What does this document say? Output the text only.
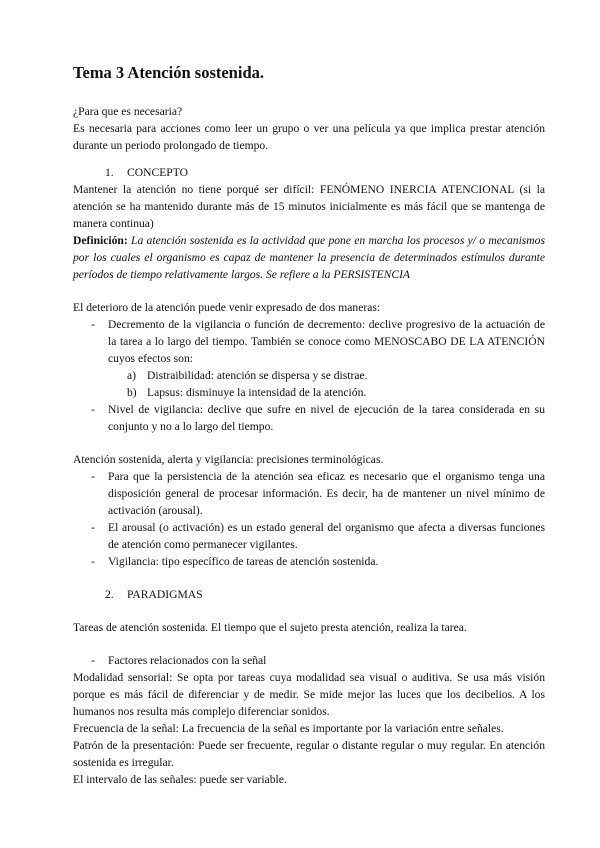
Tema 3 Atención sostenida.

¿Para que es necesaria?

Es necesaria para acciones como leer un grupo o ver una película ya que implica prestar atención durante un periodo prolongado de tiempo.

1.	CONCEPTO

Mantener la atención no tiene porqué ser difícil: FENÓMENO INERCIA ATENCIONAL (si la atención se ha mantenido durante más de 15 minutos inicialmente es más fácil que se mantenga de manera continua)

Definición: La atención sostenida es la actividad que pone en marcha los procesos y/ o mecanismos por los cuales el organismo es capaz de mantener la presencia de determinados estímulos durante períodos de tiempo relativamente largos. Se refiere a la PERSISTENCIA

El deterioro de la atención puede venir expresado de dos maneras:

-	Decremento de la vigilancia o función de decremento: declive progresivo de la actuación de la tarea a lo largo del tiempo. También se conoce como MENOSCABO DE LA ATENCIÓN cuyos efectos son:
a) Distraibilidad: atención se dispersa y se distrae.
b) Lapsus: disminuye la intensidad de la atención.
-	Nivel de vigilancia: declive que sufre en nivel de ejecución de la tarea considerada en su conjunto y no a lo largo del tiempo.

Atención sostenida, alerta y vigilancia: precisiones terminológicas.

-	Para que la persistencia de la atención sea eficaz es necesario que el organismo tenga una disposición general de procesar información. Es decir, ha de mantener un nivel mínimo de activación (arousal).
-	El arousal (o activación) es un estado general del organismo que afecta a diversas funciones de atención como permanecer vigilantes.
-	Vigilancia: tipo específico de tareas de atención sostenida.
2.	PARADIGMAS

Tareas de atención sostenida. El tiempo que el sujeto presta atención, realiza la tarea.

-	Factores relacionados con la señal

Modalidad sensorial: Se opta por tareas cuya modalidad sea visual o auditiva. Se usa más visión porque es más fácil de diferenciar y de medir. Se mide mejor las luces que los decibelios. A los humanos nos resulta más complejo diferenciar sonidos.

Frecuencia de la señal: La frecuencia de la señal es importante por la variación entre señales.

Patrón de la presentación: Puede ser frecuente, regular o distante regular o muy regular. En atención sostenida es irregular.

El intervalo de las señales: puede ser variable.
